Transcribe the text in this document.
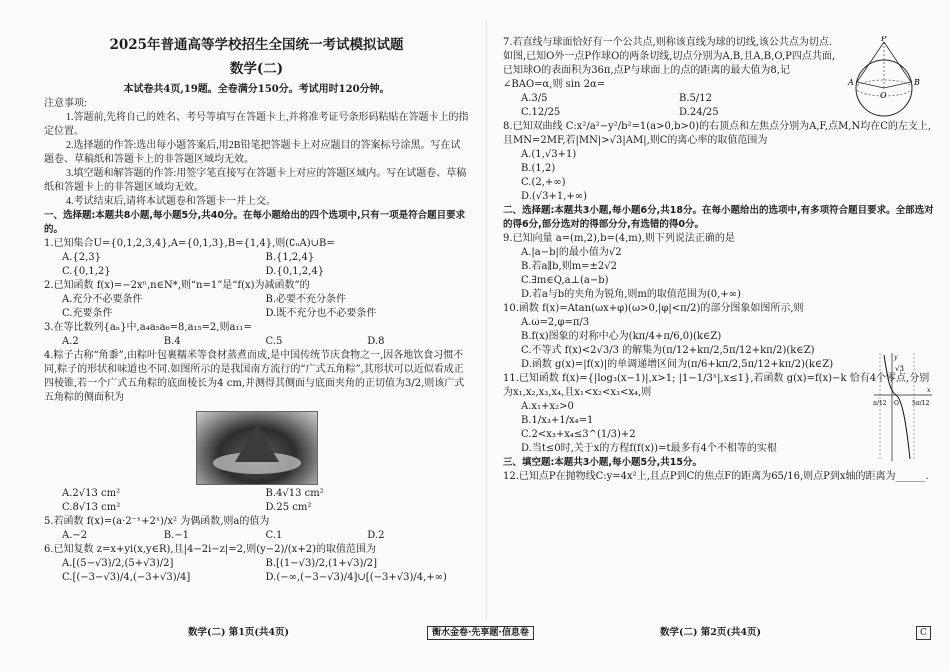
2025年普通高等学校招生全国统一考试模拟试题
数学(二)
本试卷共4页,19题。全卷满分150分。考试用时120分钟。

注意事项:

1.答题前,先将自己的姓名、考号等填写在答题卡上,并将准考证号条形码粘贴在答题卡上的指定位置。

2.选择题的作答:选出每小题答案后,用2B铅笔把答题卡上对应题目的答案标号涂黑。写在试题卷、草稿纸和答题卡上的非答题区域均无效。

3.填空题和解答题的作答:用签字笔直接写在答题卡上对应的答题区域内。写在试题卷、草稿纸和答题卡上的非答题区域均无效。

4.考试结束后,请将本试题卷和答题卡一并上交。

一、选择题:本题共8小题,每小题5分,共40分。在每小题给出的四个选项中,只有一项是符合题目要求的。

1.已知集合U={0,1,2,3,4},A={0,1,3},B={1,4},则(∁ᵤA)∪B=

A.{2,3}	B.{1,2,4}
C.{0,1,2}	D.{0,1,2,4}

2.已知函数 f(x)=−2xⁿ,n∈N*,则“n=1”是“f(x)为减函数”的

A.充分不必要条件	B.必要不充分条件
C.充要条件	D.既不充分也不必要条件

3.在等比数列{aₙ}中,a₄a₅a₆=8,a₁₅=2,则a₁₁=

A.2	B.4	C.5	D.8

4.粽子古称“角黍”,由粽叶包裹糯米等食材蒸煮而成,是中国传统节庆食物之一,因各地饮食习惯不同,粽子的形状和味道也不同.如图所示的是我国南方流行的“广式五角粽”,其形状可以近似看成正四棱锥,若一个广式五角粽的底面棱长为4 cm,并测得其侧面与底面夹角的正切值为3/2,则该广式五角粽的侧面积为

A.2√13 cm²	B.4√13 cm²
C.8√13 cm²	D.25 cm²

5.若函数 f(x)=(a·2⁻ˣ+2ˣ)/x² 为偶函数,则a的值为

A.−2	B.−1	C.1	D.2

6.已知复数 z=x+yi(x,y∈R),且|4−2i−z|=2,则(y−2)/(x+2)的取值范围为

A.[(5−√3)/2,(5+√3)/2]	B.[(1−√3)/2,(1+√3)/2]
C.[(−3−√3)/4,(−3+√3)/4]	D.(−∞,(−3−√3)/4]∪[(−3+√3)/4,+∞)

7.若直线与球面恰好有一个公共点,则称该直线为球的切线,该公共点为切点.如图,已知O外一点P作球O的两条切线,切点分别为A,B,且A,B,O,P四点共面,已知球O的表面积为36π,点P与球面上的点的距离的最大值为8,记∠BAO=α,则 sin 2α=

A.3/5	B.5/12
C.12/25	D.24/25

8.已知双曲线 C:x²/a²−y²/b²=1(a>0,b>0)的右顶点和左焦点分别为A,F,点M,N均在C的左支上,且MN=2MF,若|MN|>√3|AM|,则C的离心率的取值范围为

A.(1,√3+1)
B.(1,2)
C.(2,+∞)
D.(√3+1,+∞)

二、选择题:本题共3小题,每小题6分,共18分。在每小题给出的选项中,有多项符合题目要求。全部选对的得6分,部分选对的得部分分,有选错的得0分。

9.已知向量 a=(m,2),b=(4,m),则下列说法正确的是

A.|a−b|的最小值为√2
B.若a∥b,则m=±2√2
C.∃m∈Q,a⊥(a−b)
D.若a与b的夹角为锐角,则m的取值范围为(0,+∞)

10.函数 f(x)=Atan(ωx+φ)(ω>0,|φ|<π/2)的部分图象如图所示,则

A.ω=2,φ=π/3
B.f(x)图象的对称中心为(kπ/4+π/6,0)(k∈Z)
C.不等式 f(x)<2√3/3 的解集为(π/12+kπ/2,5π/12+kπ/2)(k∈Z)
D.函数 g(x)=|f(x)|的单调递增区间为(π/6+kπ/2,5π/12+kπ/2)(k∈Z)

11.已知函数 f(x)={|log₃(x−1)|,x>1; |1−1/3ˣ|,x≤1},若函数 g(x)=f(x)−k 恰有4个零点,分别为x₁,x₂,x₃,x₄,且x₁<x₂<x₃<x₄,则

A.x₁+x₂>0
B.1/x₃+1/x₄=1
C.2<x₃+x₄≤3^(1/3)+2
D.当t≤0时,关于x的方程f(f(x))=t最多有4个不相等的实根

三、填空题:本题共3小题,每小题5分,共15分。

12.已知点P在抛物线C:y=4x²上,且点P到C的焦点F的距离为65/16,则点P到x轴的距离为______.

P
A	B
O
√3
π/12	5π/12
O
x
y
数学(二) 第1页(共4页)	衡水金卷·先享题·信息卷	数学(二) 第2页(共4页)	C
